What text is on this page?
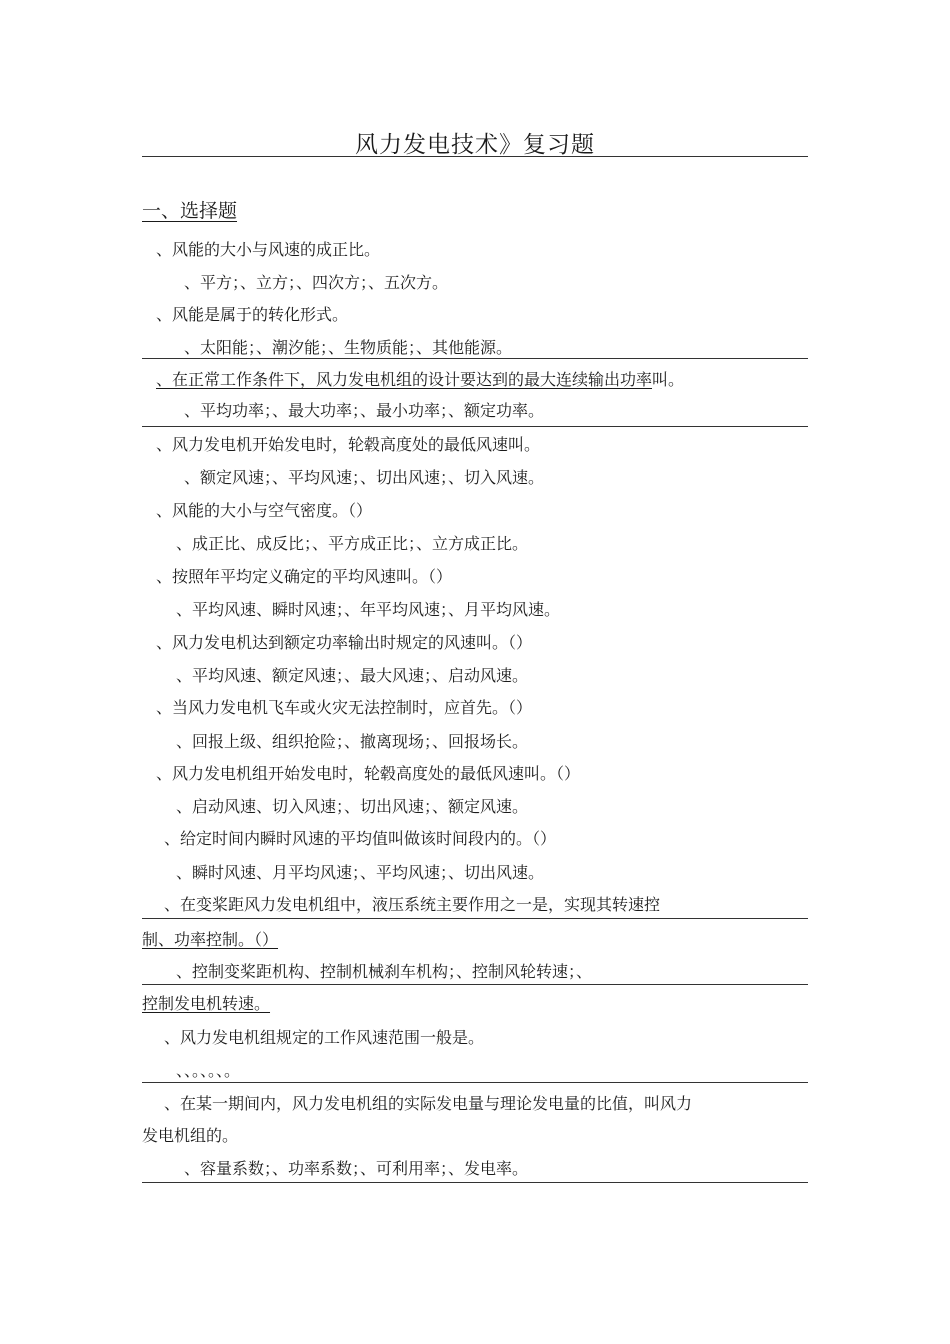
风力发电技术》复习题
一、选择题
、风能的大小与风速的成正比。
、平方；、立方；、四次方；、五次方。
、风能是属于的转化形式。
、太阳能；、潮汐能；、生物质能；、其他能源。
、在正常工作条件下，风力发电机组的设计要达到的最大连续输出功率叫。
、平均功率；、最大功率；、最小功率；、额定功率。
、风力发电机开始发电时，轮毂高度处的最低风速叫。
、额定风速；、平均风速；、切出风速；、切入风速。
、风能的大小与空气密度。（）
、成正比、成反比；、平方成正比；、立方成正比。
、按照年平均定义确定的平均风速叫。（）
、平均风速、瞬时风速；、年平均风速；、月平均风速。
、风力发电机达到额定功率输出时规定的风速叫。（）
、平均风速、额定风速；、最大风速；、启动风速。
、当风力发电机飞车或火灾无法控制时，应首先。（）
、回报上级、组织抢险；、撤离现场；、回报场长。
、风力发电机组开始发电时，轮毂高度处的最低风速叫。（）
、启动风速、切入风速；、切出风速；、额定风速。
、给定时间内瞬时风速的平均值叫做该时间段内的。（）
、瞬时风速、月平均风速；、平均风速；、切出风速。
、在变桨距风力发电机组中，液压系统主要作用之一是，实现其转速控
制、功率控制。（）
、控制变桨距机构、控制机械刹车机构；、控制风轮转速；、
控制发电机转速。
、风力发电机组规定的工作风速范围一般是。
、、。、。、。
、在某一期间内，风力发电机组的实际发电量与理论发电量的比值，叫风力
发电机组的。
、容量系数；、功率系数；、可利用率；、发电率。
